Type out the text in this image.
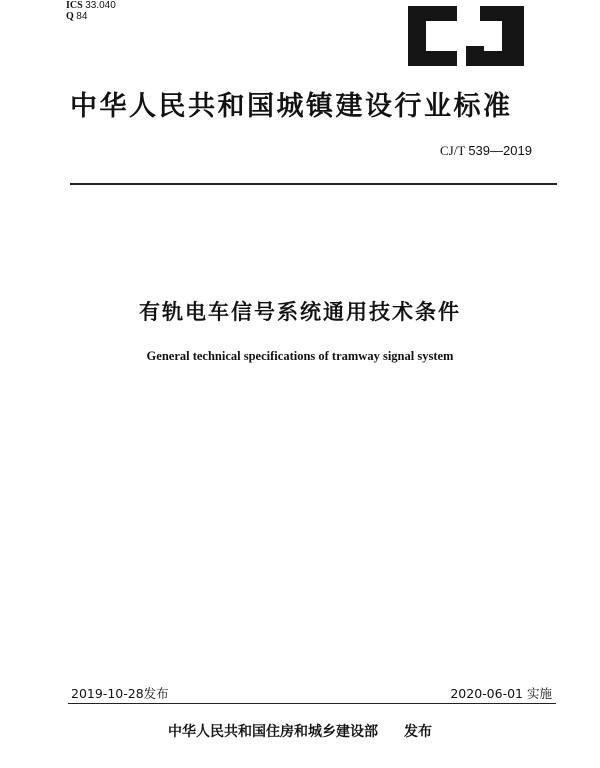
ICS 33.040
Q 84
中华人民共和国城镇建设行业标准
CJ/T 539—2019
有轨电车信号系统通用技术条件
General technical specifications of tramway signal system
2019-10-28发布	2020-06-01 实施
中华人民共和国住房和城乡建设部 发布
